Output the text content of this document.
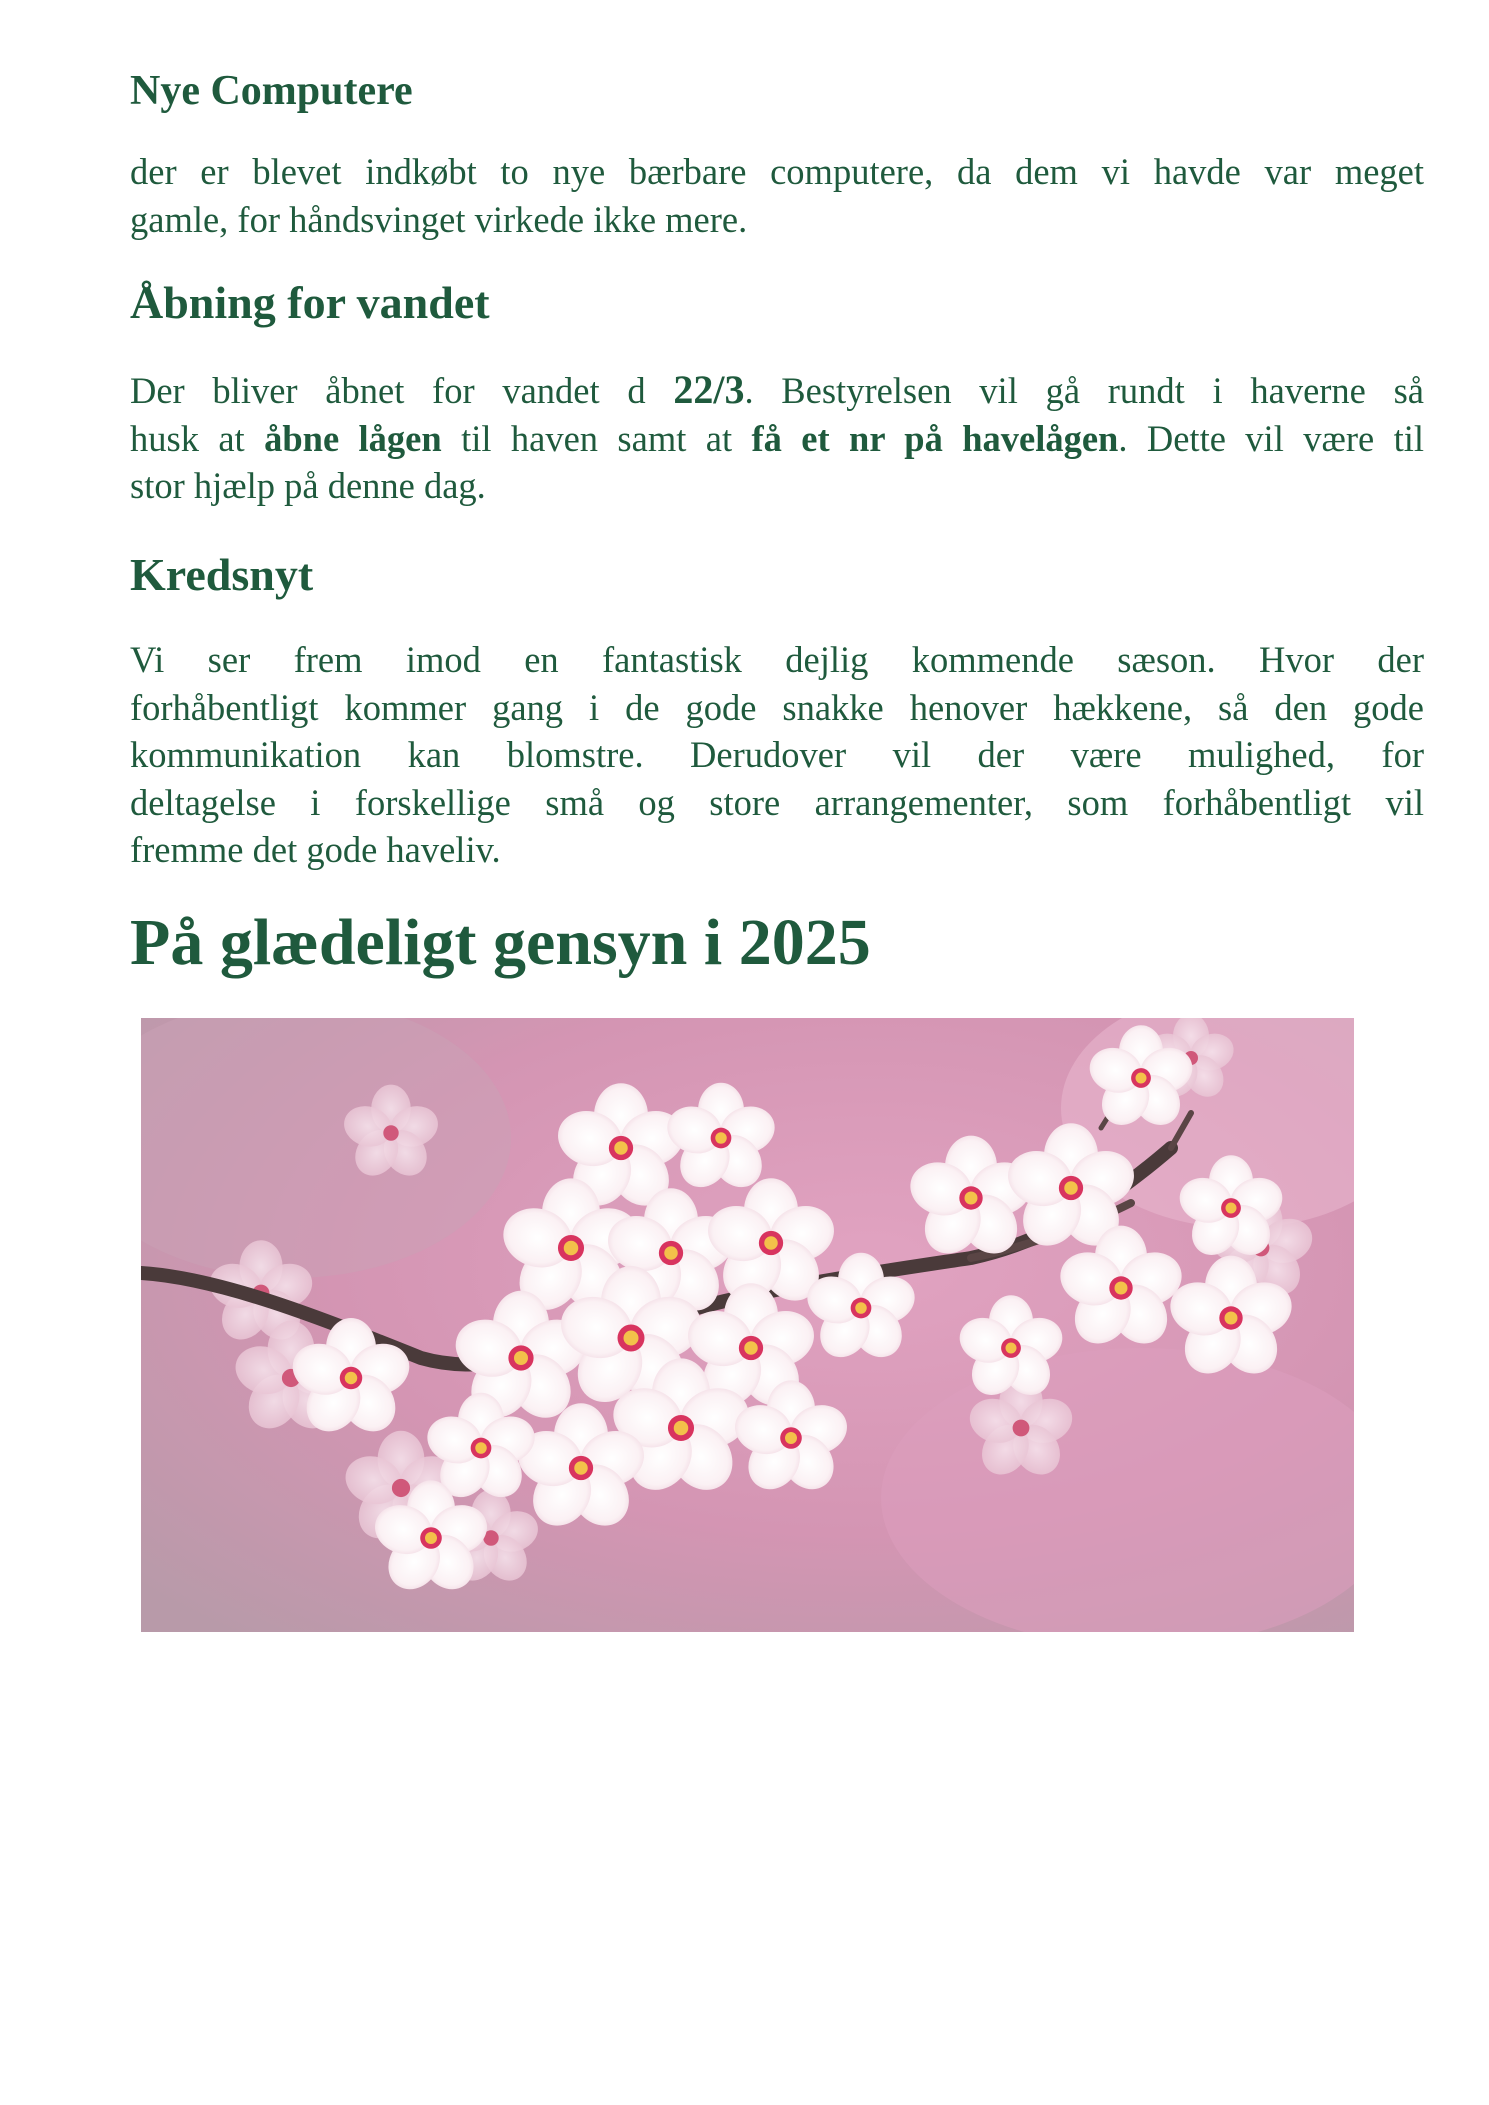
Nye Computere
der er blevet indkøbt to nye bærbare computere, da dem vi havde var meget
gamle, for håndsvinget virkede ikke mere.
Åbning for vandet
Der bliver åbnet for vandet d 22/3. Bestyrelsen vil gå rundt i haverne så
husk at åbne lågen til haven samt at få et nr på havelågen. Dette vil være til
stor hjælp på denne dag.
Kredsnyt
Vi ser frem imod en fantastisk dejlig kommende sæson. Hvor der
forhåbentligt kommer gang i de gode snakke henover hækkene, så den gode
kommunikation kan blomstre. Derudover vil der være mulighed, for
deltagelse i forskellige små og store arrangementer, som forhåbentligt vil
fremme det gode haveliv.
På glædeligt gensyn i 2025
